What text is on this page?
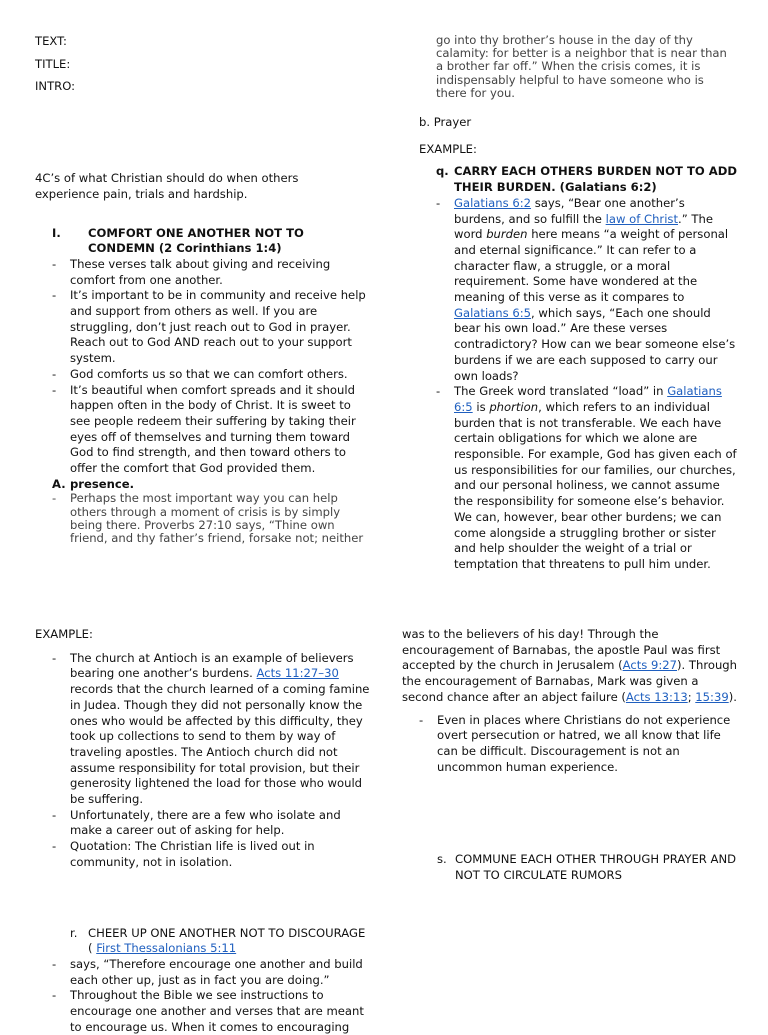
TEXT:

TITLE:

INTRO:

4C’s of what Christian should do when others experience pain, trials and hardship.

I.	COMFORT ONE ANOTHER NOT TO CONDEMN (2 Corinthians 1:4)
- These verses talk about giving and receiving comfort from one another.
- It’s important to be in community and receive help and support from others as well. If you are struggling, don’t just reach out to God in prayer. Reach out to God AND reach out to your support system.
- God comforts us so that we can comfort others.
- It’s beautiful when comfort spreads and it should happen often in the body of Christ. It is sweet to see people redeem their suffering by taking their eyes off of themselves and turning them toward God to find strength, and then toward others to offer the comfort that God provided them.
A. presence.
- Perhaps the most important way you can help others through a moment of crisis is by simply being there. Proverbs 27:10 says, “Thine own friend, and thy father’s friend, forsake not; neither

go into thy brother’s house in the day of thy calamity: for better is a neighbor that is near than a brother far off.” When the crisis comes, it is indispensably helpful to have someone who is there for you.

b. Prayer

EXAMPLE:

q. CARRY EACH OTHERS BURDEN NOT TO ADD THEIR BURDEN. (Galatians 6:2)
- Galatians 6:2 says, “Bear one another’s burdens, and so fulfill the law of Christ.” The word burden here means “a weight of personal and eternal significance.” It can refer to a character flaw, a struggle, or a moral requirement. Some have wondered at the meaning of this verse as it compares to Galatians 6:5, which says, “Each one should bear his own load.” Are these verses contradictory? How can we bear someone else’s burdens if we are each supposed to carry our own loads?
- The Greek word translated “load” in Galatians 6:5 is phortion, which refers to an individual burden that is not transferable. We each have certain obligations for which we alone are responsible. For example, God has given each of us responsibilities for our families, our churches, and our personal holiness, we cannot assume the responsibility for someone else’s behavior. We can, however, bear other burdens; we can come alongside a struggling brother or sister and help shoulder the weight of a trial or temptation that threatens to pull him under.

EXAMPLE:

- The church at Antioch is an example of believers bearing one another’s burdens. Acts 11:27–30 records that the church learned of a coming famine in Judea. Though they did not personally know the ones who would be affected by this difficulty, they took up collections to send to them by way of traveling apostles. The Antioch church did not assume responsibility for total provision, but their generosity lightened the load for those who would be suffering.
- Unfortunately, there are a few who isolate and make a career out of asking for help.
- Quotation: The Christian life is lived out in community, not in isolation.
r. CHEER UP ONE ANOTHER NOT TO DISCOURAGE
( First Thessalonians 5:11
- says, “Therefore encourage one another and build each other up, just as in fact you are doing.”
- Throughout the Bible we see instructions to encourage one another and verses that are meant to encourage us. When it comes to encouraging

was to the believers of his day! Through the encouragement of Barnabas, the apostle Paul was first accepted by the church in Jerusalem (Acts 9:27). Through the encouragement of Barnabas, Mark was given a second chance after an abject failure (Acts 13:13; 15:39).

- Even in places where Christians do not experience overt persecution or hatred, we all know that life can be difficult. Discouragement is not an uncommon human experience.
s. COMMUNE EACH OTHER THROUGH PRAYER AND NOT TO CIRCULATE RUMORS
